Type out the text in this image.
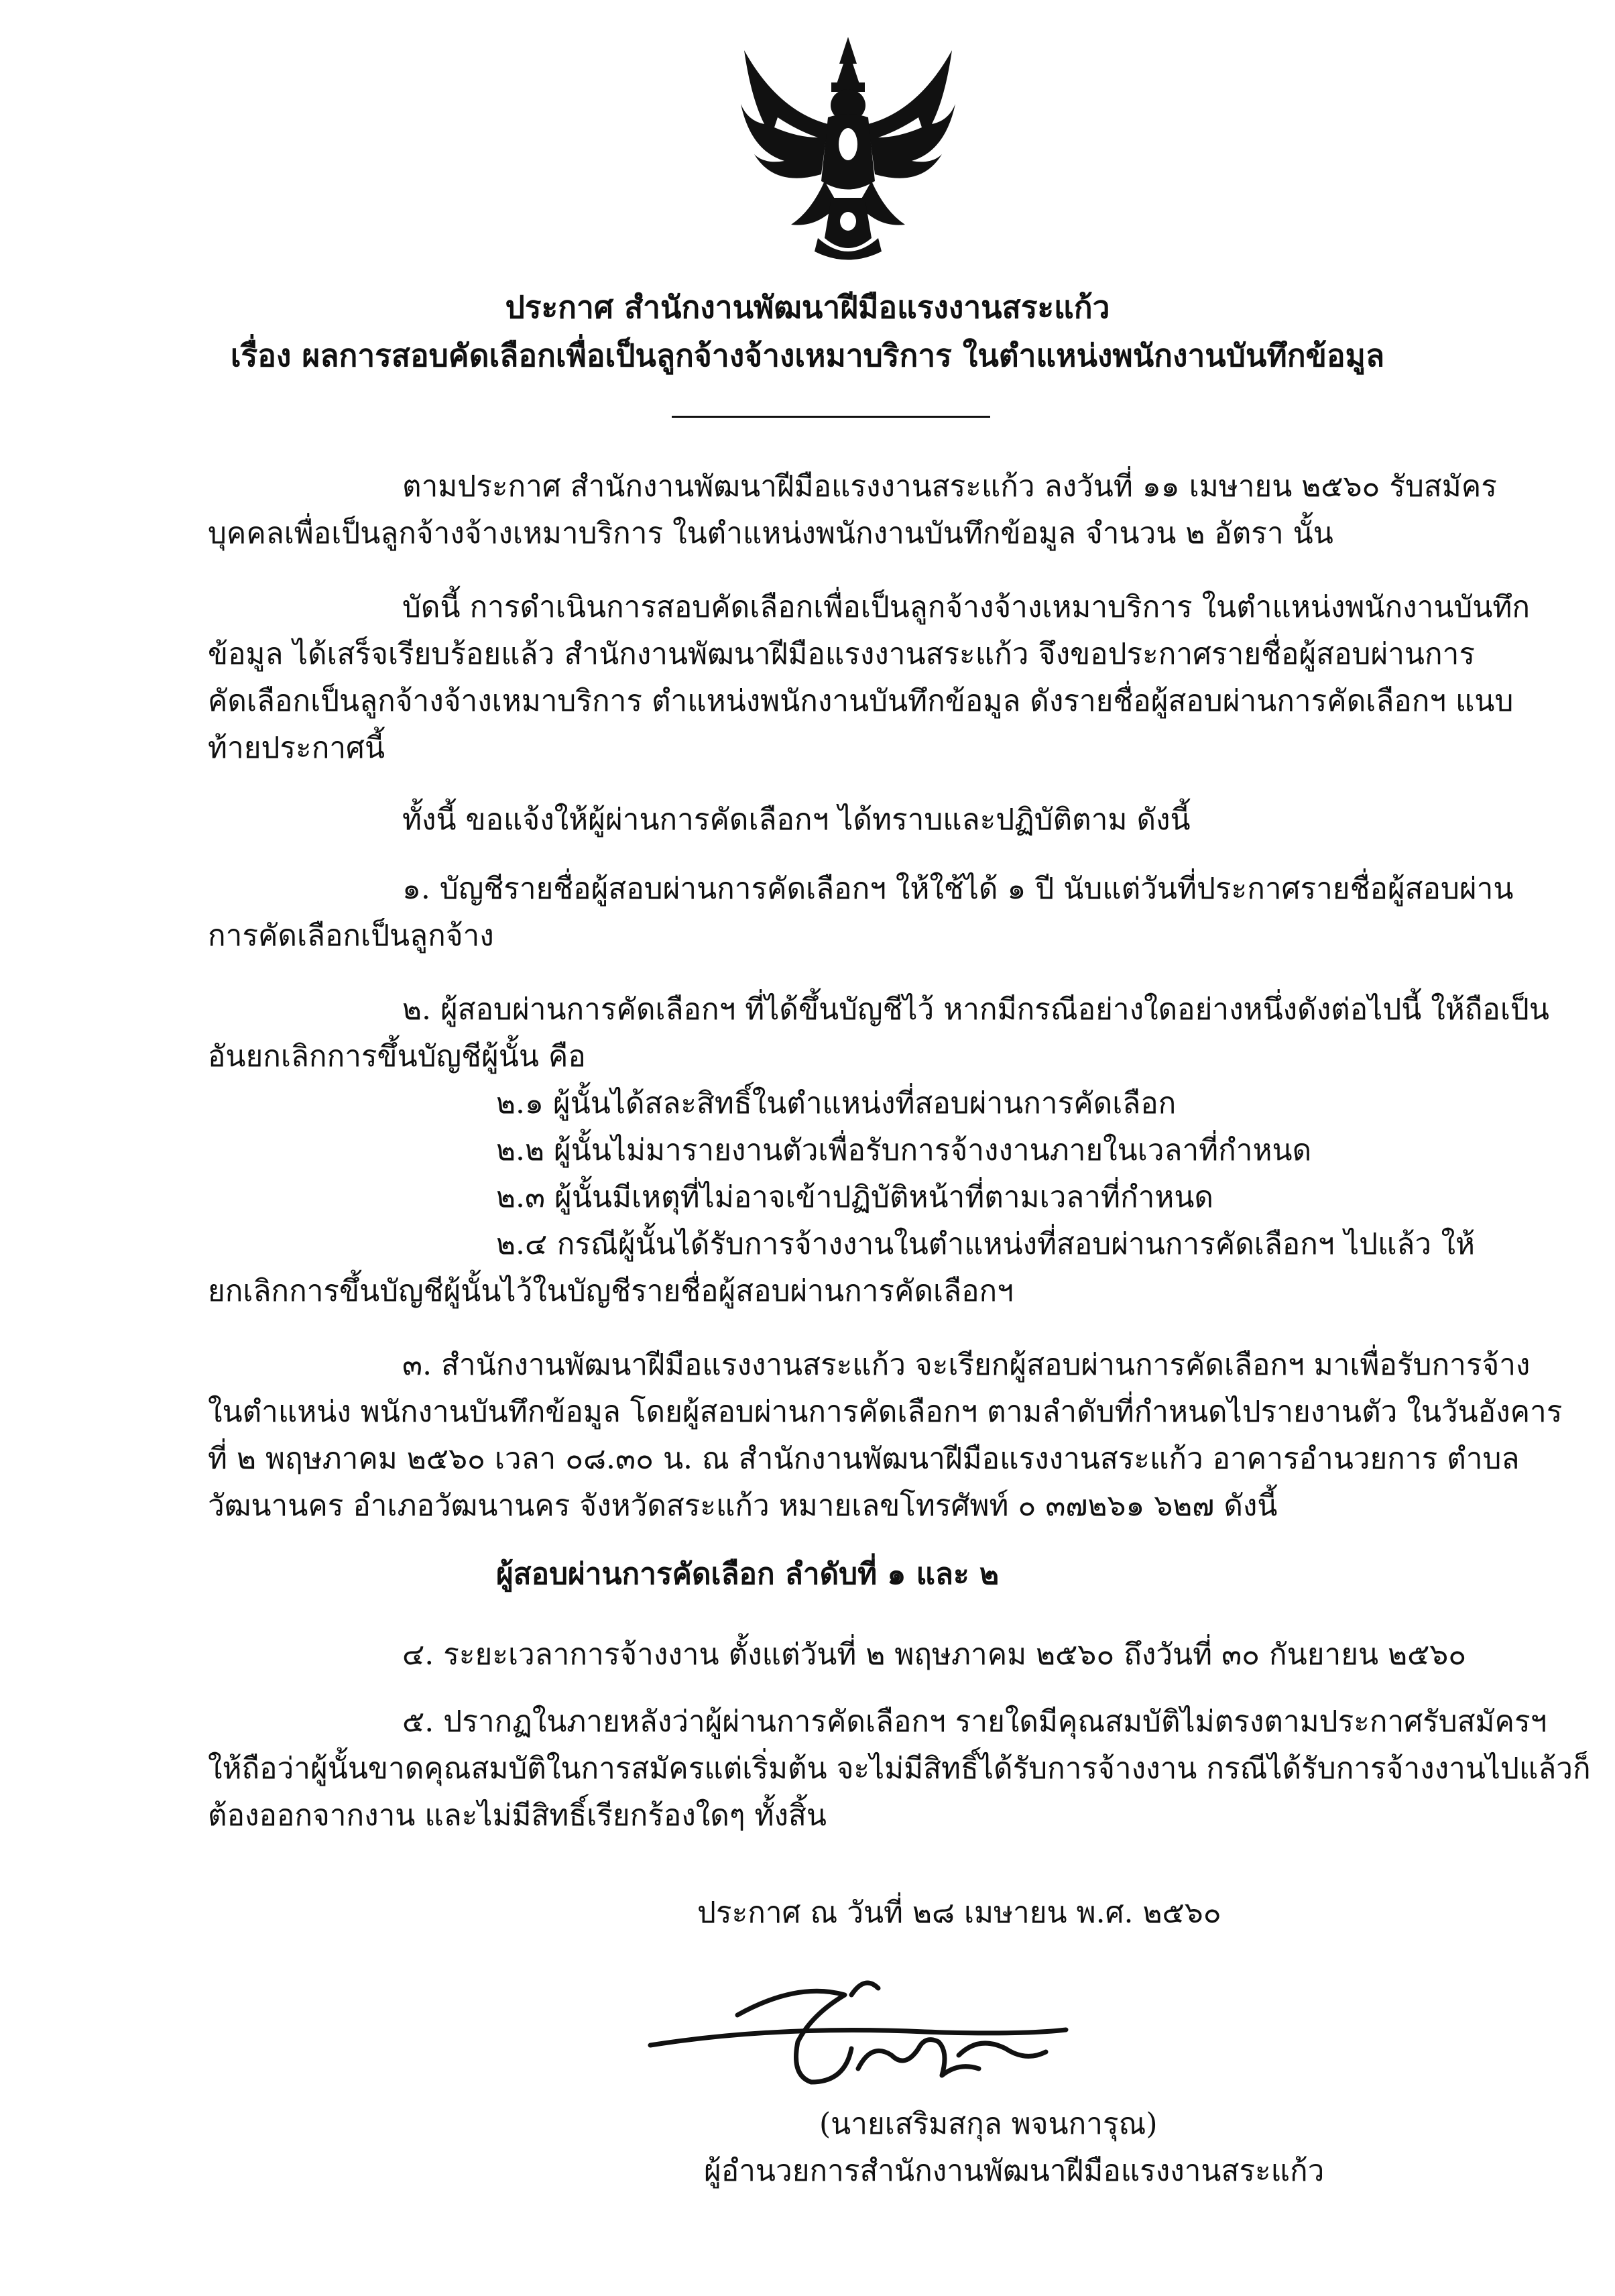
ประกาศ สำนักงานพัฒนาฝีมือแรงงานสระแก้ว
เรื่อง ผลการสอบคัดเลือกเพื่อเป็นลูกจ้างจ้างเหมาบริการ ในตำแหน่งพนักงานบันทึกข้อมูล
ตามประกาศ สำนักงานพัฒนาฝีมือแรงงานสระแก้ว ลงวันที่ ๑๑ เมษายน ๒๕๖๐ รับสมัคร
บุคคลเพื่อเป็นลูกจ้างจ้างเหมาบริการ ในตำแหน่งพนักงานบันทึกข้อมูล จำนวน ๒ อัตรา นั้น
บัดนี้ การดำเนินการสอบคัดเลือกเพื่อเป็นลูกจ้างจ้างเหมาบริการ ในตำแหน่งพนักงานบันทึก
ข้อมูล ได้เสร็จเรียบร้อยแล้ว สำนักงานพัฒนาฝีมือแรงงานสระแก้ว จึงขอประกาศรายชื่อผู้สอบผ่านการ
คัดเลือกเป็นลูกจ้างจ้างเหมาบริการ ตำแหน่งพนักงานบันทึกข้อมูล ดังรายชื่อผู้สอบผ่านการคัดเลือกฯ แนบ
ท้ายประกาศนี้
ทั้งนี้ ขอแจ้งให้ผู้ผ่านการคัดเลือกฯ ได้ทราบและปฏิบัติตาม ดังนี้
๑. บัญชีรายชื่อผู้สอบผ่านการคัดเลือกฯ ให้ใช้ได้ ๑ ปี นับแต่วันที่ประกาศรายชื่อผู้สอบผ่าน
การคัดเลือกเป็นลูกจ้าง
๒. ผู้สอบผ่านการคัดเลือกฯ ที่ได้ขึ้นบัญชีไว้ หากมีกรณีอย่างใดอย่างหนึ่งดังต่อไปนี้ ให้ถือเป็น
อันยกเลิกการขึ้นบัญชีผู้นั้น คือ
๒.๑ ผู้นั้นได้สละสิทธิ์ในตำแหน่งที่สอบผ่านการคัดเลือก
๒.๒ ผู้นั้นไม่มารายงานตัวเพื่อรับการจ้างงานภายในเวลาที่กำหนด
๒.๓ ผู้นั้นมีเหตุที่ไม่อาจเข้าปฏิบัติหน้าที่ตามเวลาที่กำหนด
๒.๔ กรณีผู้นั้นได้รับการจ้างงานในตำแหน่งที่สอบผ่านการคัดเลือกฯ ไปแล้ว ให้
ยกเลิกการขึ้นบัญชีผู้นั้นไว้ในบัญชีรายชื่อผู้สอบผ่านการคัดเลือกฯ
๓. สำนักงานพัฒนาฝีมือแรงงานสระแก้ว จะเรียกผู้สอบผ่านการคัดเลือกฯ มาเพื่อรับการจ้าง
ในตำแหน่ง พนักงานบันทึกข้อมูล โดยผู้สอบผ่านการคัดเลือกฯ ตามลำดับที่กำหนดไปรายงานตัว ในวันอังคาร
ที่ ๒ พฤษภาคม ๒๕๖๐ เวลา ๐๘.๓๐ น. ณ สำนักงานพัฒนาฝีมือแรงงานสระแก้ว อาคารอำนวยการ ตำบล
วัฒนานคร อำเภอวัฒนานคร จังหวัดสระแก้ว หมายเลขโทรศัพท์ ๐ ๓๗๒๖๑ ๖๒๗ ดังนี้
ผู้สอบผ่านการคัดเลือก ลำดับที่ ๑ และ ๒
๔. ระยะเวลาการจ้างงาน ตั้งแต่วันที่ ๒ พฤษภาคม ๒๕๖๐ ถึงวันที่ ๓๐ กันยายน ๒๕๖๐
๕. ปรากฏในภายหลังว่าผู้ผ่านการคัดเลือกฯ รายใดมีคุณสมบัติไม่ตรงตามประกาศรับสมัครฯ
ให้ถือว่าผู้นั้นขาดคุณสมบัติในการสมัครแต่เริ่มต้น จะไม่มีสิทธิ์ได้รับการจ้างงาน กรณีได้รับการจ้างงานไปแล้วก็
ต้องออกจากงาน และไม่มีสิทธิ์เรียกร้องใดๆ ทั้งสิ้น
ประกาศ ณ วันที่ ๒๘ เมษายน พ.ศ. ๒๕๖๐
(นายเสริมสกุล พจนการุณ)
ผู้อำนวยการสำนักงานพัฒนาฝีมือแรงงานสระแก้ว
